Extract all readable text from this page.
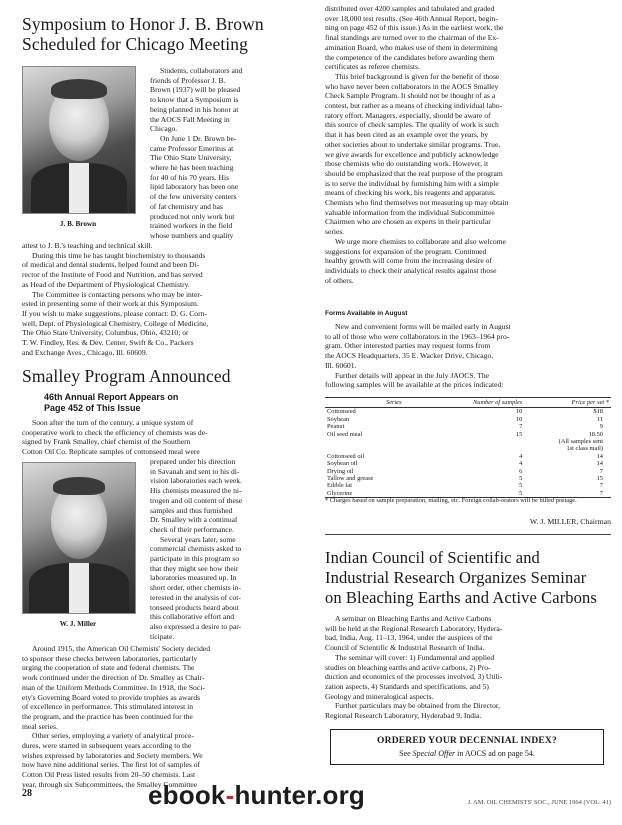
Symposium to Honor J. B. Brown
Scheduled for Chicago Meeting
J. B. Brown
Students, collaborators and
friends of Professor J. B.
Brown (1937) will be pleased
to know that a Symposium is
being planned in his honor at
the AOCS Fall Meeting in
Chicago.
On June 1 Dr. Brown be-
came Professor Emeritus at
The Ohio State University,
where he has been teaching
for 40 of his 70 years. His
lipid laboratory has been one
of the few university centers
of fat chemistry and has
produced not only work but
trained workers in the field
whose numbers and quality
attest to J. B.'s teaching and technical skill.
During this time he has taught biochemistry to thousands
of medical and dental students, helped found and been Di-
rector of the Institute of Food and Nutrition, and has served
as Head of the Department of Physiological Chemistry.
The Committee is contacting persons who may be inter-
ested in presenting some of their work at this Symposium.
If you wish to make suggestions, please contact: D. G. Corn-
well, Dept. of Physiological Chemistry, College of Medicine,
The Ohio State University, Columbus, Ohio, 43210; or
T. W. Findley, Res. & Dev. Center, Swift & Co., Packers
and Exchange Aves., Chicago, Ill. 60609.
Smalley Program Announced
46th Annual Report Appears on
Page 452 of This Issue
Soon after the turn of the century, a unique system of
cooperative work to check the efficiency of chemists was de-
signed by Frank Smalley, chief chemist of the Southern
Cotton Oil Co. Replicate samples of cottonseed meal were
W. J. Miller
prepared under his direction
in Savanah and sent to his di-
vision laboratories each week.
His chemists measured the ni-
trogen and oil content of these
samples and thus furnished
Dr. Smalley with a continual
check of their performance.
Several years later, some
commercial chemists asked to
participate in this program so
that they might see how their
laboratories measured up. In
short order, other chemists in-
terested in the analysis of cot-
tonseed products heard about
this collaborative effort and
also expressed a desire to par-
ticipate.
Around 1915, the American Oil Chemists' Society decided
to sponsor these checks between laboratories, particularly
urging the cooperation of state and federal chemists. The
work continued under the direction of Dr. Smalley as Chair-
man of the Uniform Methods Committee. In 1918, the Soci-
ety's Governing Board voted to provide trophies as awards
of excellence in performance. This stimulated interest in
the program, and the practice has been continued for the
meal series.
Other series, employing a variety of analytical proce-
dures, were started in subsequent years according to the
wishes expressed by laboratories and Society members. We
now have nine additional series. The first lot of samples of
Cotton Oil Press listed results from 20–50 chemists. Last
year, through six Subcommittees, the Smalley Committee
28
distributed over 4200 samples and tabulated and graded
over 18,000 test results. (See 46th Annual Report, begin-
ning on page 452 of this issue.) As in the earliest work, the
final standings are turned over to the chairman of the Ex-
amination Board, who makes use of them in determining
the competence of the candidates before awarding them
certificates as referee chemists.
This brief background is given for the benefit of those
who have never been collaborators in the AOCS Smalley
Check Sample Program. It should not be thought of as a
contest, but rather as a means of checking individual labo-
ratory effort. Managers, especially, should be aware of
this source of check samples. The quality of work is such
that it has been cited as an example over the years, by
other societies about to undertake similar programs. True,
we give awards for excellence and publicly acknowledge
those chemists who do outstanding work. However, it
should be emphasized that the real purpose of the program
is to serve the individual by furnishing him with a simple
means of checking his work, his reagents and apparatus.
Chemists who find themselves not measuring up may obtain
valuable information from the individual Subcommittee
Chairmen who are chosen as experts in their particular
series.
We urge more chemists to collaborate and also welcome
suggestions for expansion of the program. Continued
healthy growth will come from the increasing desire of
individuals to check their analytical results against those
of others.
Forms Available in August
New and convenient forms will be mailed early in August
to all of those who were collaborators in the 1963–1964 pro-
gram. Other interested parties may request forms from
the AOCS Headquarters, 35 E. Wacker Drive, Chicago,
Ill. 60601.
Further details will appear in the July JAOCS. The
following samples will be available at the prices indicated:
Series	Number of samples	Price per set *
Cottonseed	10	$18
Soybean	10	11
Peanut	7	9
Oil seed meal	15	18.50
		(All samples sent
		1st class mail)
Cottonseed oil	4	14
Soybean oil	4	14
Drying oil	6	7
Tallow and grease	5	15
Edible fat	5	7
Glycerine	5	7
* Charges based on sample preparation, mailing, etc. Foreign collab-orators will be billed postage.
W. J. MILLER, Chairman
Indian Council of Scientific and
Industrial Research Organizes Seminar
on Bleaching Earths and Active Carbons
A seminar on Bleaching Earths and Active Carbons
will be held at the Regional Research Laboratory, Hydera-
bad, India, Aug. 11–13, 1964, under the auspices of the
Council of Scientific & Industrial Research of India.
The seminar will cover: 1) Fundamental and applied
studies on bleaching earths and active carbons, 2) Pro-
duction and economics of the processes involved, 3) Utili-
zation aspects, 4) Standards and specifications, and 5)
Geology and mineralogical aspects.
Further particulars may be obtained from the Director,
Regional Research Laboratory, Hyderabad 9, India.
ORDERED YOUR DECENNIAL INDEX?
See Special Offer in AOCS ad on page 54.
J. AM. OIL CHEMISTS' SOC., JUNE 1964 (VOL. 41)
ebook-hunter.org
